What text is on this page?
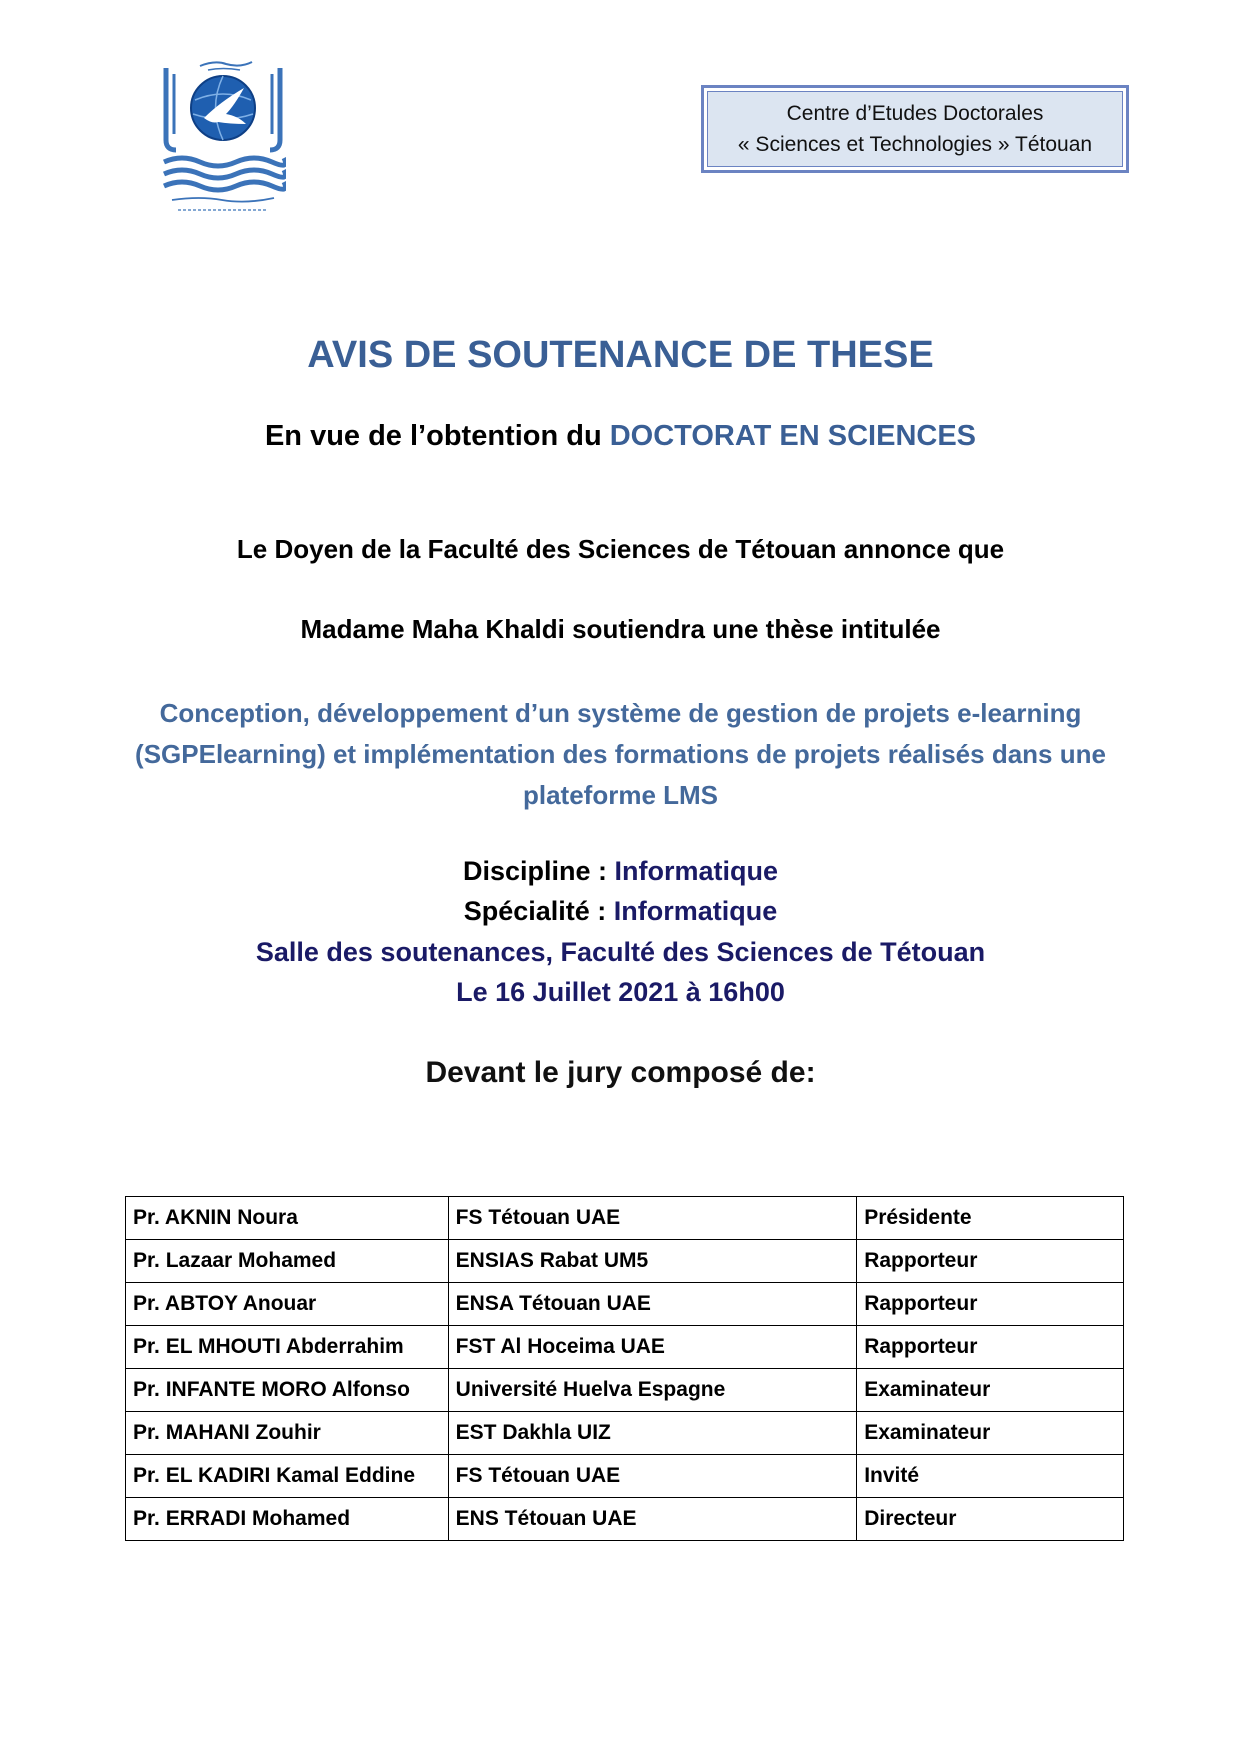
Centre d’Etudes Doctorales
« Sciences et Technologies » Tétouan
AVIS DE SOUTENANCE DE THESE
En vue de l’obtention du DOCTORAT EN SCIENCES
Le Doyen de la Faculté des Sciences de Tétouan annonce que
Madame Maha Khaldi soutiendra une thèse intitulée
Conception, développement d’un système de gestion de projets e-learning (SGPElearning) et implémentation des formations de projets réalisés dans une plateforme LMS
Discipline : Informatique
Spécialité : Informatique
Salle des soutenances, Faculté des Sciences de Tétouan
Le 16 Juillet 2021 à 16h00
Devant le jury composé de:
Pr. AKNIN Noura	FS Tétouan UAE	Présidente
Pr. Lazaar Mohamed	ENSIAS Rabat UM5	Rapporteur
Pr. ABTOY Anouar	ENSA Tétouan UAE	Rapporteur
Pr. EL MHOUTI Abderrahim	FST Al Hoceima UAE	Rapporteur
Pr. INFANTE MORO Alfonso	Université Huelva Espagne	Examinateur
Pr. MAHANI Zouhir	EST Dakhla UIZ	Examinateur
Pr. EL KADIRI Kamal Eddine	FS Tétouan UAE	Invité
Pr. ERRADI Mohamed	ENS Tétouan UAE	Directeur
